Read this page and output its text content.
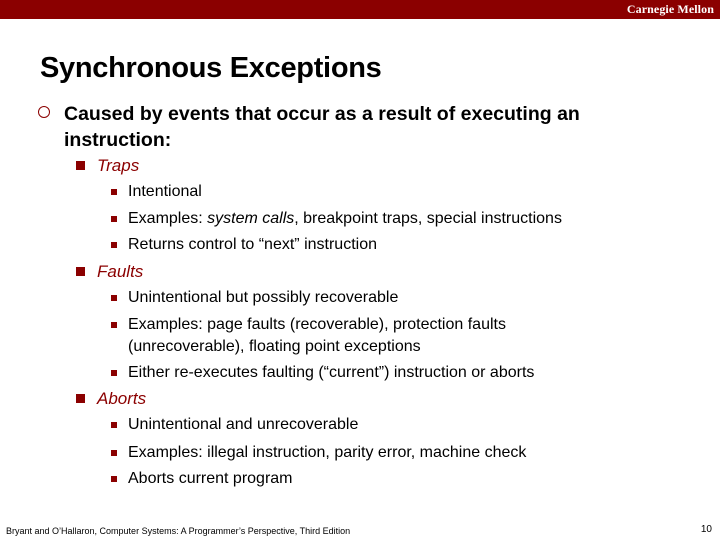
Carnegie Mellon
Synchronous Exceptions
Caused by events that occur as a result of executing an
instruction:
Traps
Intentional
Examples: system calls, breakpoint traps, special instructions
Returns control to “next” instruction
Faults
Unintentional but possibly recoverable
Examples: page faults (recoverable), protection faults
(unrecoverable), floating point exceptions
Either re-executes faulting (“current”) instruction or aborts
Aborts
Unintentional and unrecoverable
Examples: illegal instruction, parity error, machine check
Aborts current program
Bryant and O’Hallaron, Computer Systems: A Programmer’s Perspective, Third Edition	10
